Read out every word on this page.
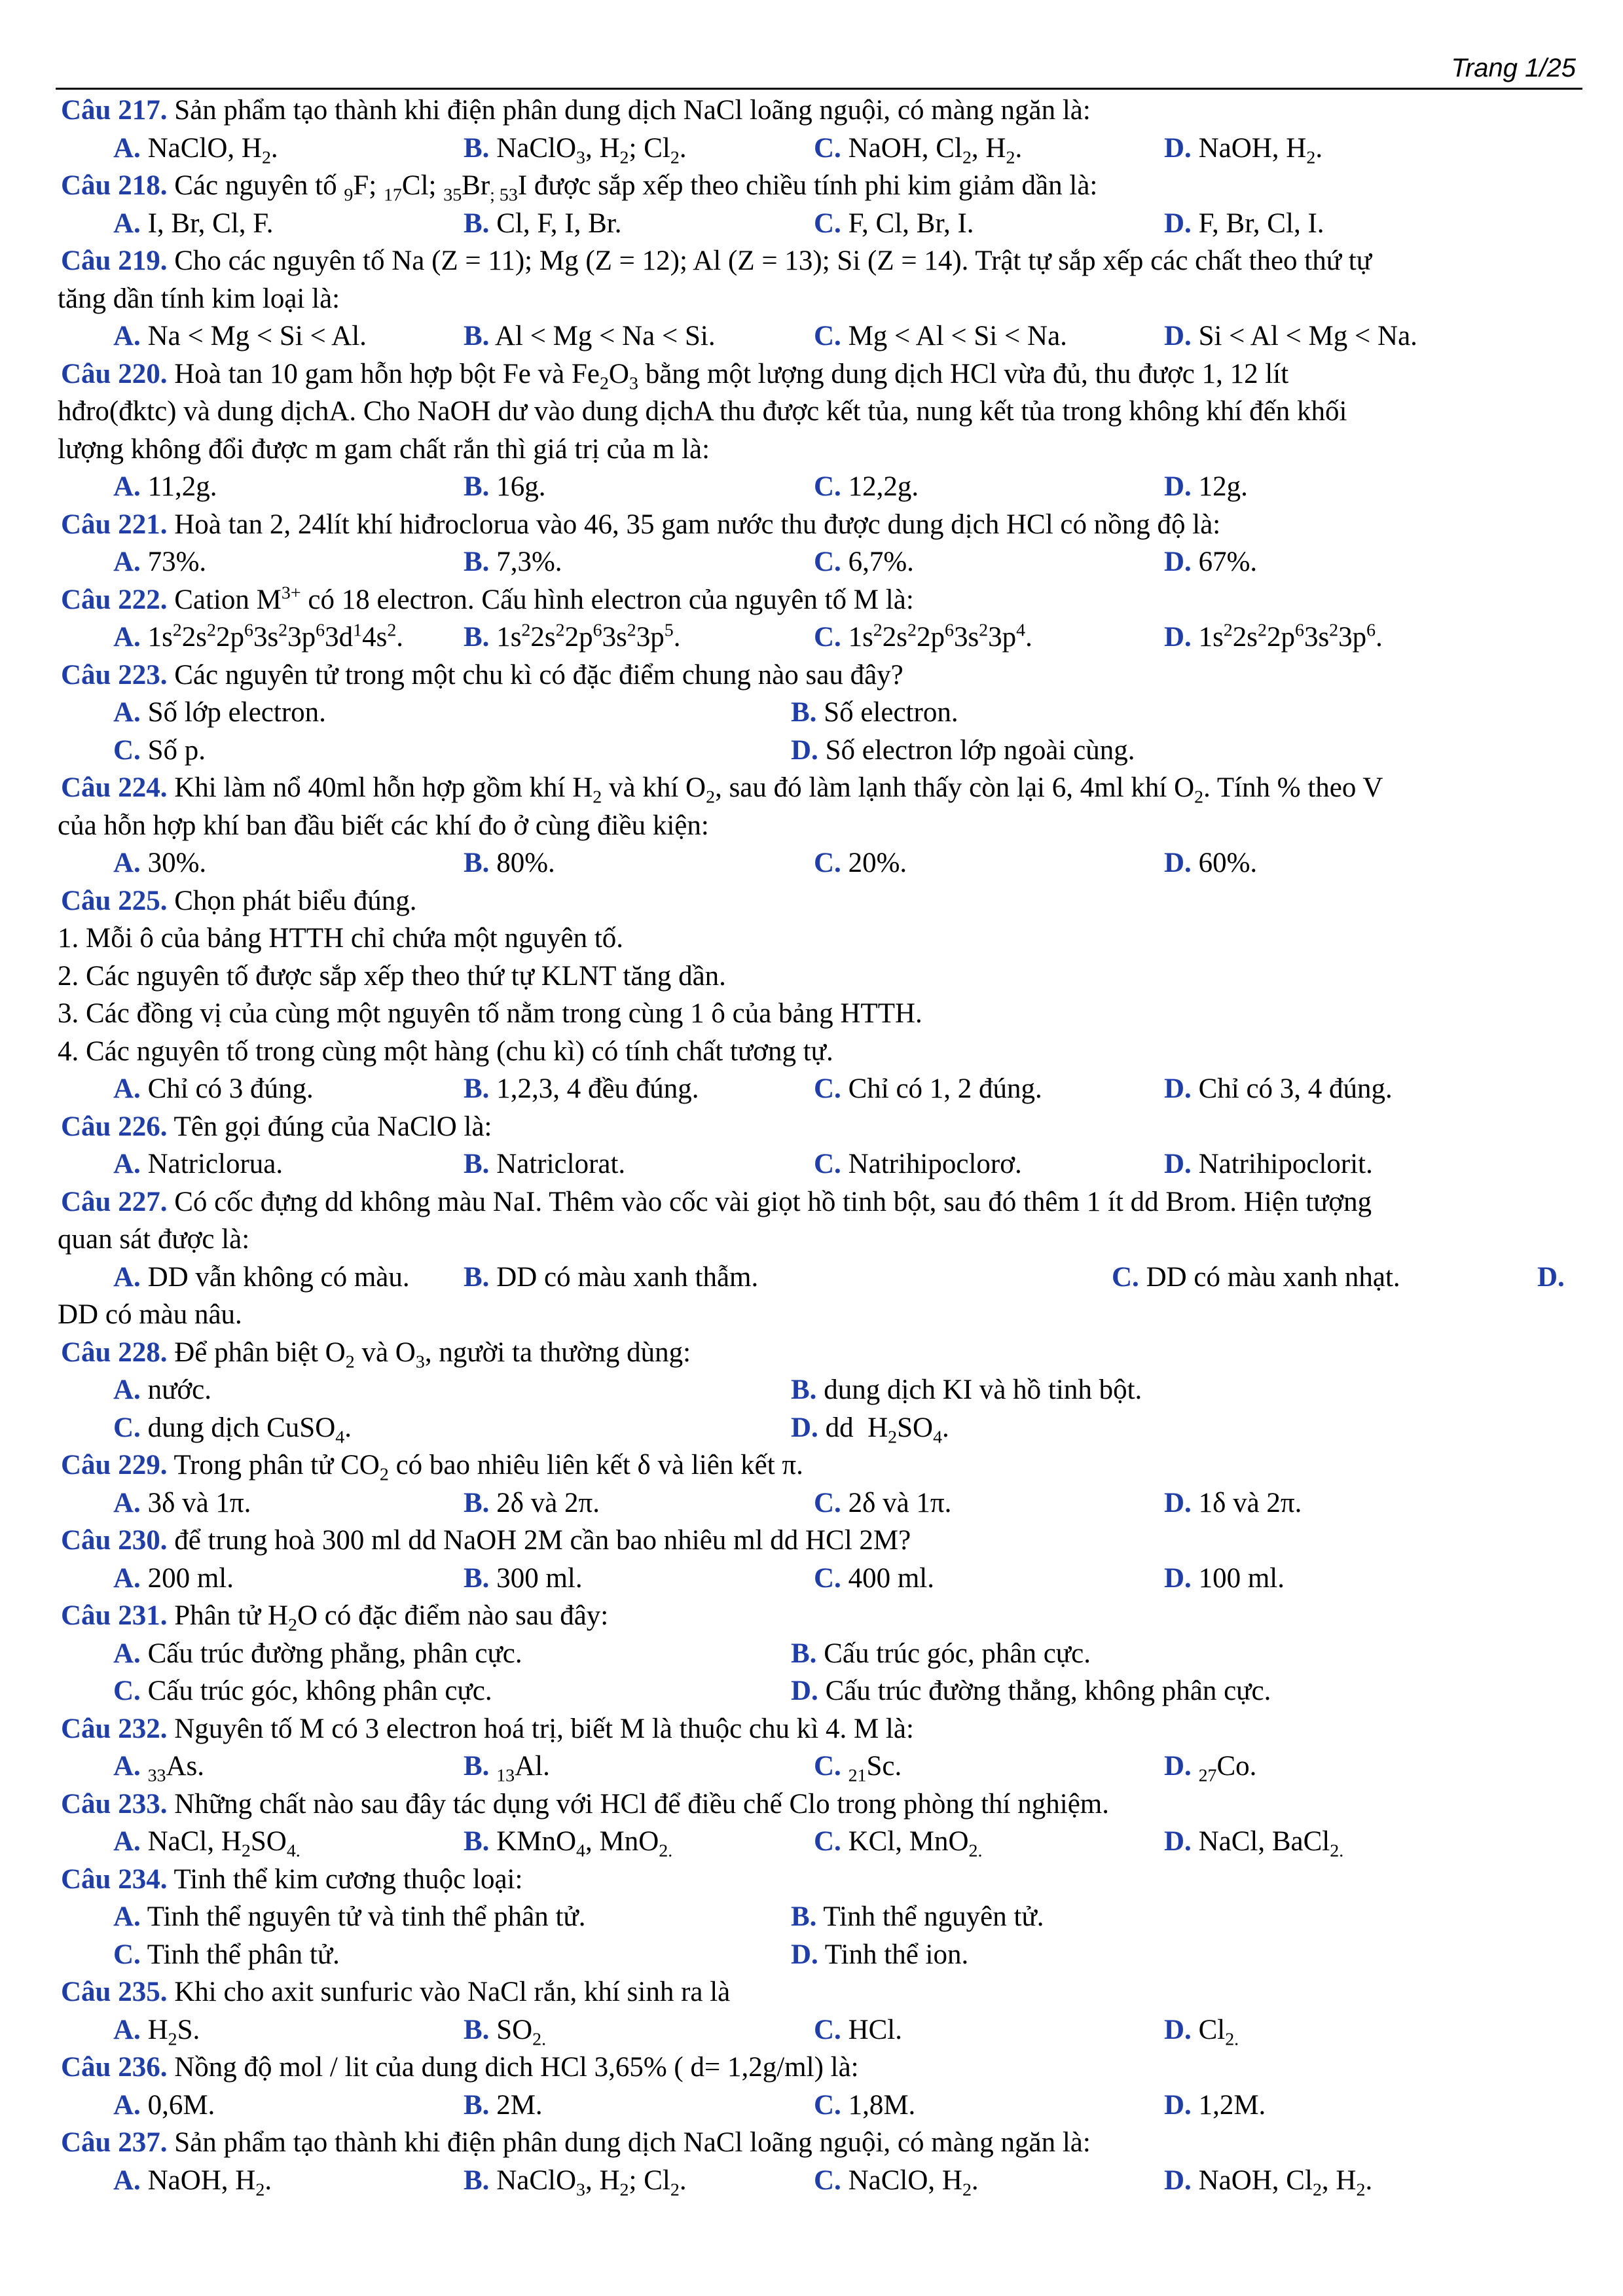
Trang 1/25
Câu 217. Sản phẩm tạo thành khi điện phân dung dịch NaCl loãng nguội, có màng ngăn là:
A. NaClO, $H_2$.	B. NaClO$_3$, $H_2$; $Cl_2$.	C. NaOH, $Cl_2$, $H_2$.	D. NaOH, $H_2$.
Câu 218. Các nguyên tố $_9$F; $_{17}$Cl; $_{35}Br_{; 53}I$ được sắp xếp theo chiều tính phi kim giảm dần là:
A. I, Br, Cl, F.	B. Cl, F, I, Br.	C. F, Cl, Br, I.	D. F, Br, Cl, I.
Câu 219. Cho các nguyên tố Na (Z = 11); Mg (Z = 12); Al (Z = 13); Si (Z = 14). Trật tự sắp xếp các chất theo thứ tự
tăng dần tính kim loại là:
A. Na < Mg < Si < Al.	B. Al < Mg < Na < Si.	C. Mg < Al < Si < Na.	D. Si < Al < Mg < Na.
Câu 220. Hoà tan 10 gam hỗn hợp bột Fe và $Fe_2O_3$ bằng một lượng dung dịch HCl vừa đủ, thu được 1, 12 lít
hđro(đktc) và dung dịchA. Cho NaOH dư vào dung dịchA thu được kết tủa, nung kết tủa trong không khí đến khối
lượng không đổi được m gam chất rắn thì giá trị của m là:
A. 11,2g.	B. 16g.	C. 12,2g.	D. 12g.
Câu 221. Hoà tan 2, 24lít khí hiđroclorua vào 46, 35 gam nước thu được dung dịch HCl có nồng độ là:
A. 73%.	B. 7,3%.	C. 6,7%.	D. 67%.
Câu 222. Cation $M^{3+}$ có 18 electron. Cấu hình electron của nguyên tố M là:
A. $1s^22s^22p^63s^23p^63d^14s^2$.	B. $1s^22s^22p^63s^23p^5$.	C. $1s^22s^22p^63s^23p^4$.	D. $1s^22s^22p^63s^23p^6$.
Câu 223. Các nguyên tử trong một chu kì có đặc điểm chung nào sau đây?
A. Số lớp electron.	B. Số electron.
C. Số p.	D. Số electron lớp ngoài cùng.
Câu 224. Khi làm nổ 40ml hỗn hợp gồm khí $H_2$ và khí $O_2$, sau đó làm lạnh thấy còn lại 6, 4ml khí $O_2$. Tính % theo V
của hỗn hợp khí ban đầu biết các khí đo ở cùng điều kiện:
A. 30%.	B. 80%.	C. 20%.	D. 60%.
Câu 225. Chọn phát biểu đúng.
1. Mỗi ô của bảng HTTH chỉ chứa một nguyên tố.
2. Các nguyên tố được sắp xếp theo thứ tự KLNT tăng dần.
3. Các đồng vị của cùng một nguyên tố nằm trong cùng 1 ô của bảng HTTH.
4. Các nguyên tố trong cùng một hàng (chu kì) có tính chất tương tự.
A. Chỉ có 3 đúng.	B. 1,2,3, 4 đều đúng.	C. Chỉ có 1, 2 đúng.	D. Chỉ có 3, 4 đúng.
Câu 226. Tên gọi đúng của NaClO là:
A. Natriclorua.	B. Natriclorat.	C. Natrihipoclorơ.	D. Natrihipoclorit.
Câu 227. Có cốc đựng dd không màu NaI. Thêm vào cốc vài giọt hồ tinh bột, sau đó thêm 1 ít dd Brom. Hiện tượng
quan sát được là:
A. DD vẫn không có màu.	B. DD có màu xanh thẫm.	C. DD có màu xanh nhạt.	D.
DD có màu nâu.
Câu 228. Để phân biệt $O_2$ và $O_3$, người ta thường dùng:
A. nước.	B. dung dịch KI và hồ tinh bột.
C. dung dịch CuSO$_4$.	D. dd  $H_2SO_4$.
Câu 229. Trong phân tử $CO_2$ có bao nhiêu liên kết δ và liên kết π.
A. 3δ và 1π.	B. 2δ và 2π.	C. 2δ và 1π.	D. 1δ và 2π.
Câu 230. để trung hoà 300 ml dd NaOH 2M cần bao nhiêu ml dd HCl 2M?
A. 200 ml.	B. 300 ml.	C. 400 ml.	D. 100 ml.
Câu 231. Phân tử $H_2O$ có đặc điểm nào sau đây:
A. Cấu trúc đường phẳng, phân cực.	B. Cấu trúc góc, phân cực.
C. Cấu trúc góc, không phân cực.	D. Cấu trúc đường thẳng, không phân cực.
Câu 232. Nguyên tố M có 3 electron hoá trị, biết M là thuộc chu kì 4. M là:
A. $_{33}$As.	B. $_{13}$Al.	C. $_{21}$Sc.	D. $_{27}$Co.
Câu 233. Những chất nào sau đây tác dụng với HCl để điều chế Clo trong phòng thí nghiệm.
A. NaCl, $H_2SO_{4.}$	B. KMnO$_4$, MnO$_{2.}$	C. KCl, MnO$_{2.}$	D. NaCl, BaCl$_{2.}$
Câu 234. Tinh thể kim cương thuộc loại:
A. Tinh thể nguyên tử và tinh thể phân tử.	B. Tinh thể nguyên tử.
C. Tinh thể phân tử.	D. Tinh thể ion.
Câu 235. Khi cho axit sunfuric vào NaCl rắn, khí sinh ra là
A. $H_2S$.	B. $SO_{2.}$	C. HCl.	D. $Cl_{2.}$
Câu 236. Nồng độ mol / lit của dung dich HCl 3,65% ( d= 1,2g/ml) là:
A. 0,6M.	B. 2M.	C. 1,8M.	D. 1,2M.
Câu 237. Sản phẩm tạo thành khi điện phân dung dịch NaCl loãng nguội, có màng ngăn là:
A. NaOH, $H_2$.	B. NaClO$_3$, $H_2$; $Cl_2$.	C. NaClO, $H_2$.	D. NaOH, $Cl_2$, $H_2$.
